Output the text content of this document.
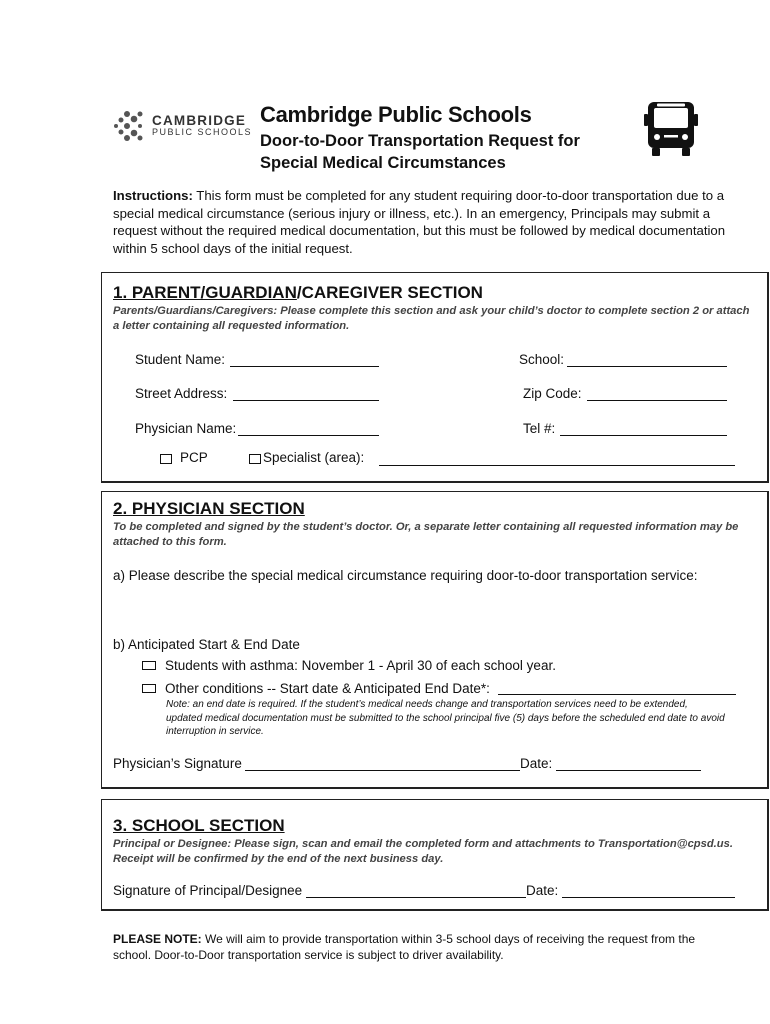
CAMBRIDGE
PUBLIC SCHOOLS
Cambridge Public Schools
Door-to-Door Transportation Request for
Special Medical Circumstances
Instructions: This form must be completed for any student requiring door-to-door transportation due to a special medical circumstance (serious injury or illness, etc.). In an emergency, Principals may submit a request without the required medical documentation, but this must be followed by medical documentation within 5 school days of the initial request.
1. PARENT/GUARDIAN/CAREGIVER SECTION
Parents/Guardians/Caregivers: Please complete this section and ask your child’s doctor to complete section 2 or attach a letter containing all requested information.
Student Name:	School:
Street Address:	Zip Code:
Physician Name:	Tel #:
PCP	Specialist (area):
2. PHYSICIAN SECTION
To be completed and signed by the student’s doctor. Or, a separate letter containing all requested information may be attached to this form.
a) Please describe the special medical circumstance requiring door-to-door transportation service:
b) Anticipated Start & End Date
Students with asthma: November 1 - April 30 of each school year.
Other conditions -- Start date & Anticipated End Date*:
Note: an end date is required. If the student’s medical needs change and transportation services need to be extended, updated medical documentation must be submitted to the school principal five (5) days before the scheduled end date to avoid interruption in service.
Physician’s Signature	Date:
3. SCHOOL SECTION
Principal or Designee: Please sign, scan and email the completed form and attachments to Transportation@cpsd.us. Receipt will be confirmed by the end of the next business day.
Signature of Principal/Designee	Date:
PLEASE NOTE: We will aim to provide transportation within 3-5 school days of receiving the request from the school. Door-to-Door transportation service is subject to driver availability.
